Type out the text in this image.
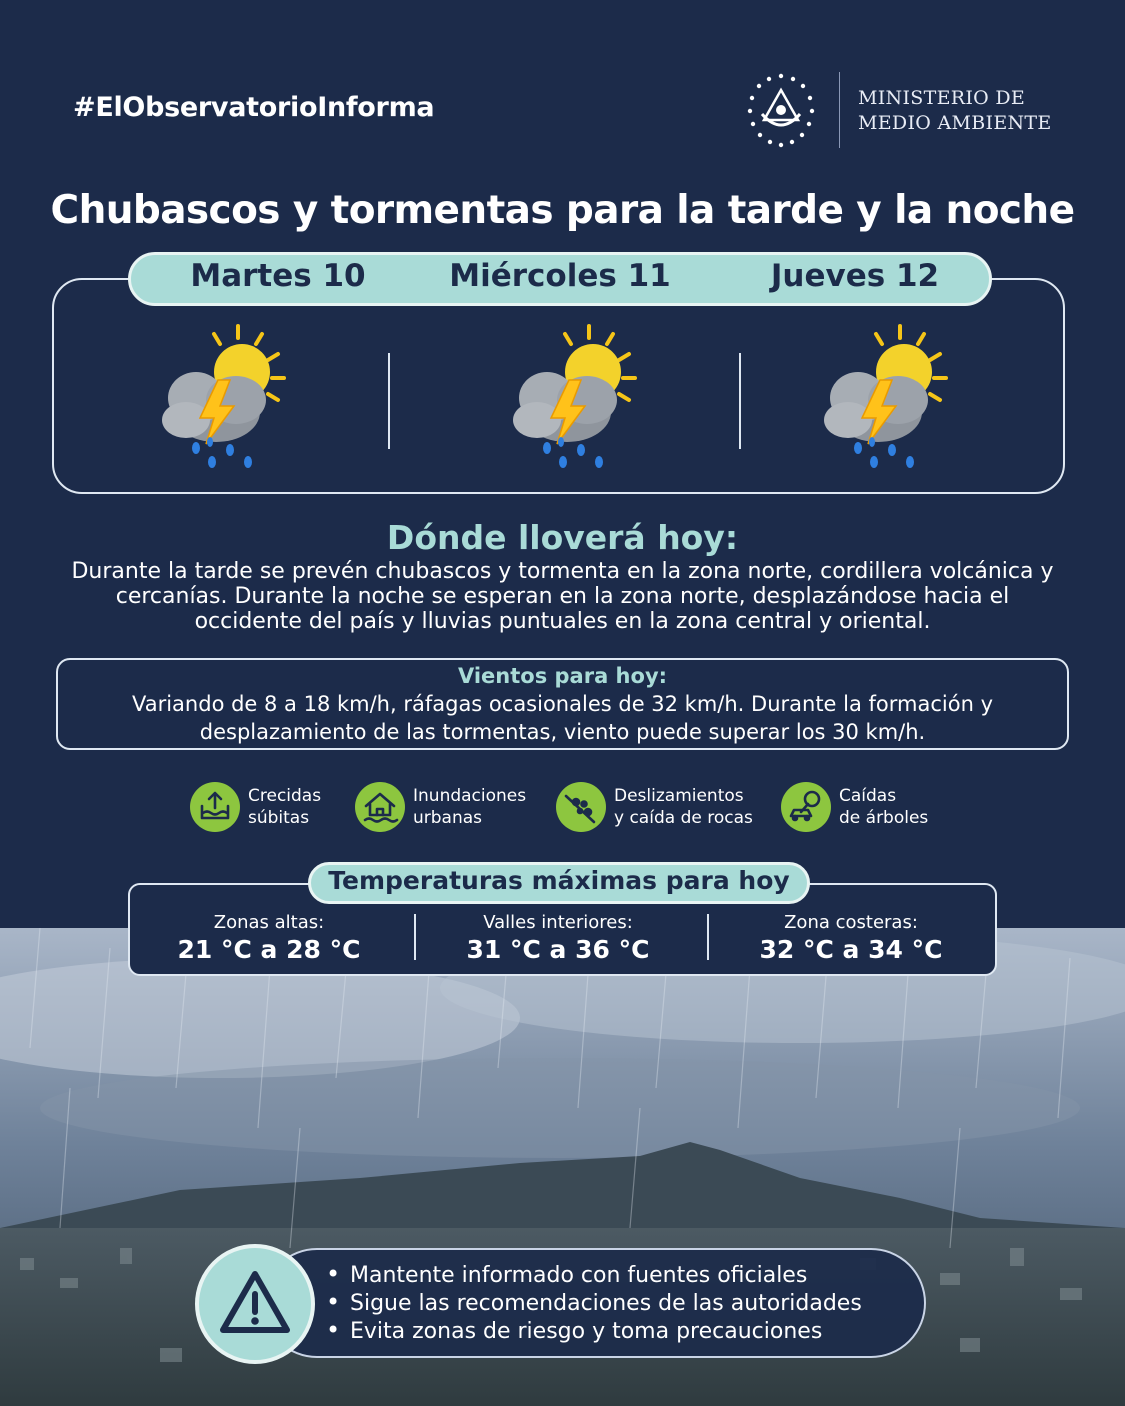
#ElObservatorioInforma	MINISTERIO DE
MEDIO AMBIENTE
Chubascos y tormentas para la tarde y la noche
Martes 10	Miércoles 11	Jueves 12
Dónde lloverá hoy:
Durante la tarde se prevén chubascos y tormenta en la zona norte, cordillera volcánica y cercanías. Durante la noche se esperan en la zona norte, desplazándose hacia el occidente del país y lluvias puntuales en la zona central y oriental.
Vientos para hoy:
Variando de 8 a 18 km/h, ráfagas ocasionales de 32 km/h. Durante la formación y desplazamiento de las tormentas, viento puede superar los 30 km/h.
Crecidas
súbitas
Inundaciones
urbanas
Deslizamientos
y caída de rocas
Caídas
de árboles
Temperaturas máximas para hoy
Zonas altas:
21 °C a 28 °C
Valles interiores:
31 °C a 36 °C
Zona costeras:
32 °C a 34 °C
• Mantente informado con fuentes oficiales
• Sigue las recomendaciones de las autoridades
• Evita zonas de riesgo y toma precauciones
